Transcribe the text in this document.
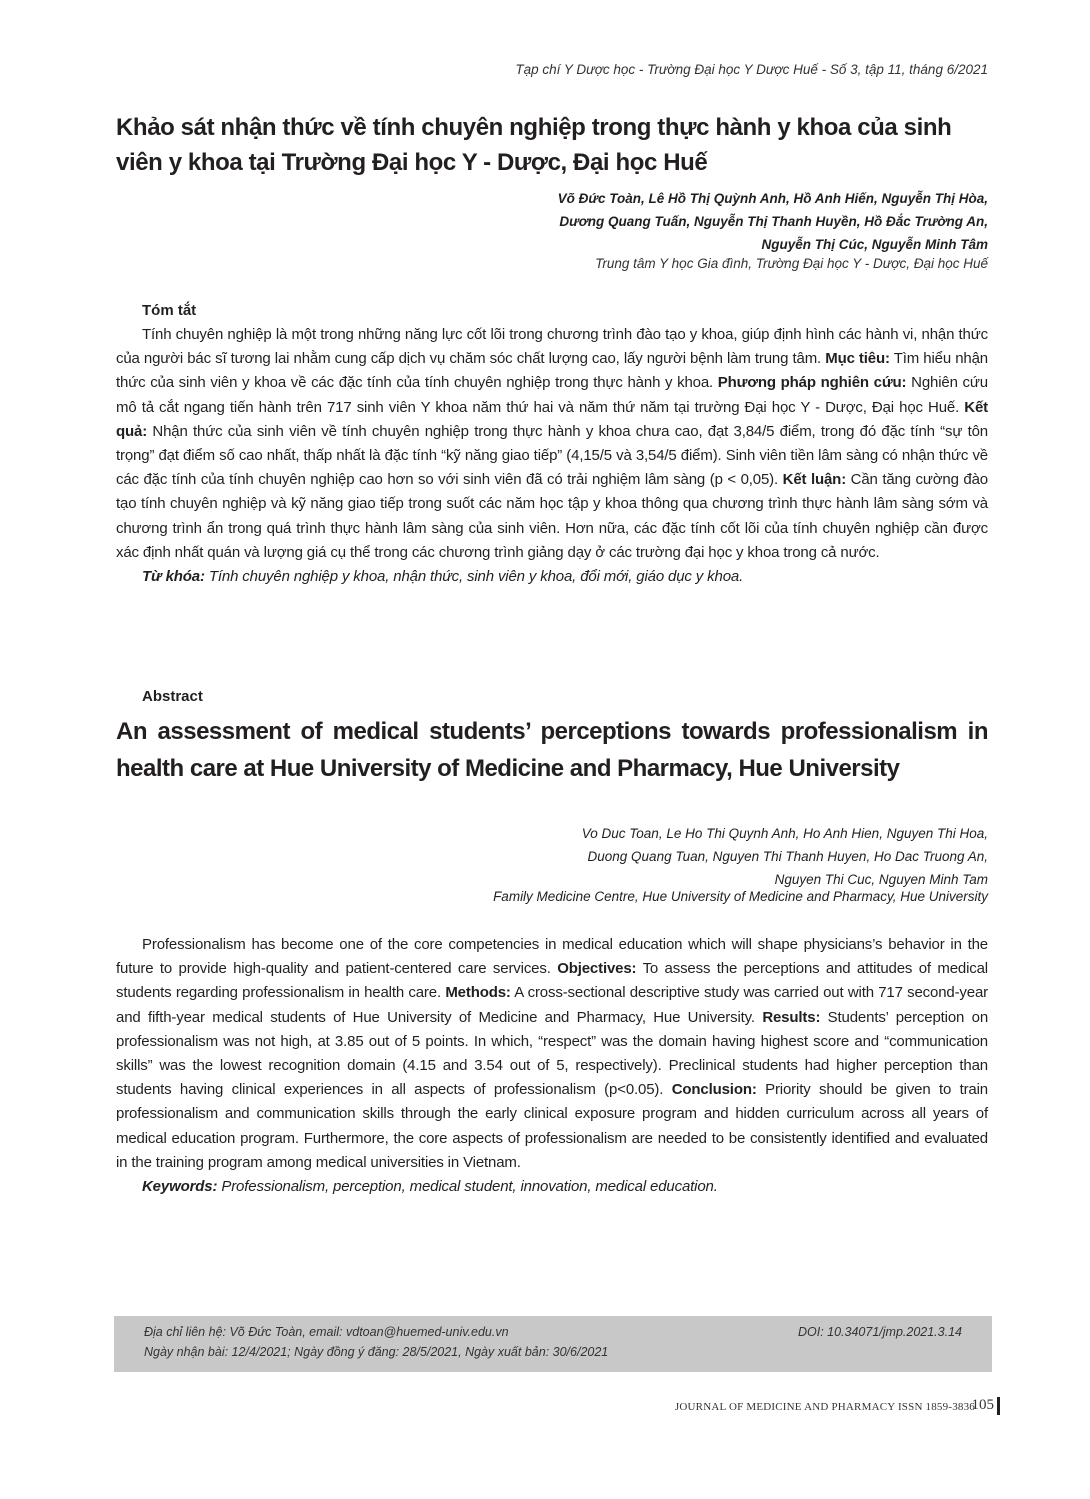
Tạp chí Y Dược học - Trường Đại học Y Dược Huế - Số 3, tập 11, tháng 6/2021
Khảo sát nhận thức về tính chuyên nghiệp trong thực hành y khoa của sinh viên y khoa tại Trường Đại học Y - Dược, Đại học Huế
Võ Đức Toàn, Lê Hồ Thị Quỳnh Anh, Hồ Anh Hiến, Nguyễn Thị Hòa,
Dương Quang Tuấn, Nguyễn Thị Thanh Huyền, Hồ Đắc Trường An,
Nguyễn Thị Cúc, Nguyễn Minh Tâm
Trung tâm Y học Gia đình, Trường Đại học Y - Dược, Đại học Huế
Tóm tắt

Tính chuyên nghiệp là một trong những năng lực cốt lõi trong chương trình đào tạo y khoa, giúp định hình các hành vi, nhận thức của người bác sĩ tương lai nhằm cung cấp dịch vụ chăm sóc chất lượng cao, lấy người bệnh làm trung tâm. Mục tiêu: Tìm hiểu nhận thức của sinh viên y khoa về các đặc tính của tính chuyên nghiệp trong thực hành y khoa. Phương pháp nghiên cứu: Nghiên cứu mô tả cắt ngang tiến hành trên 717 sinh viên Y khoa năm thứ hai và năm thứ năm tại trường Đại học Y - Dược, Đại học Huế. Kết quả: Nhận thức của sinh viên về tính chuyên nghiệp trong thực hành y khoa chưa cao, đạt 3,84/5 điểm, trong đó đặc tính “sự tôn trọng” đạt điểm số cao nhất, thấp nhất là đặc tính “kỹ năng giao tiếp” (4,15/5 và 3,54/5 điểm). Sinh viên tiền lâm sàng có nhận thức về các đặc tính của tính chuyên nghiệp cao hơn so với sinh viên đã có trải nghiệm lâm sàng (p < 0,05). Kết luận: Cần tăng cường đào tạo tính chuyên nghiệp và kỹ năng giao tiếp trong suốt các năm học tập y khoa thông qua chương trình thực hành lâm sàng sớm và chương trình ẩn trong quá trình thực hành lâm sàng của sinh viên. Hơn nữa, các đặc tính cốt lõi của tính chuyên nghiệp cần được xác định nhất quán và lượng giá cụ thể trong các chương trình giảng dạy ở các trường đại học y khoa trong cả nước.

Từ khóa: Tính chuyên nghiệp y khoa, nhận thức, sinh viên y khoa, đổi mới, giáo dục y khoa.

Abstract
An assessment of medical students’ perceptions towards professionalism in health care at Hue University of Medicine and Pharmacy, Hue University
Vo Duc Toan, Le Ho Thi Quynh Anh, Ho Anh Hien, Nguyen Thi Hoa,
Duong Quang Tuan, Nguyen Thi Thanh Huyen, Ho Dac Truong An,
Nguyen Thi Cuc, Nguyen Minh Tam
Family Medicine Centre, Hue University of Medicine and Pharmacy, Hue University

Professionalism has become one of the core competencies in medical education which will shape physicians’s behavior in the future to provide high-quality and patient-centered care services. Objectives: To assess the perceptions and attitudes of medical students regarding professionalism in health care. Methods: A cross-sectional descriptive study was carried out with 717 second-year and fifth-year medical students of Hue University of Medicine and Pharmacy, Hue University. Results: Students’ perception on professionalism was not high, at 3.85 out of 5 points. In which, “respect” was the domain having highest score and “communication skills” was the lowest recognition domain (4.15 and 3.54 out of 5, respectively). Preclinical students had higher perception than students having clinical experiences in all aspects of professionalism (p<0.05). Conclusion: Priority should be given to train professionalism and communication skills through the early clinical exposure program and hidden curriculum across all years of medical education program. Furthermore, the core aspects of professionalism are needed to be consistently identified and evaluated in the training program among medical universities in Vietnam.

Keywords: Professionalism, perception, medical student, innovation, medical education.

Địa chỉ liên hệ: Võ Đức Toàn, email: vdtoan@huemed-univ.edu.vn	DOI: 10.34071/jmp.2021.3.14
Ngày nhận bài: 12/4/2021; Ngày đồng ý đăng: 28/5/2021, Ngày xuất bản: 30/6/2021
JOURNAL OF MEDICINE AND PHARMACY ISSN 1859-3836
105
